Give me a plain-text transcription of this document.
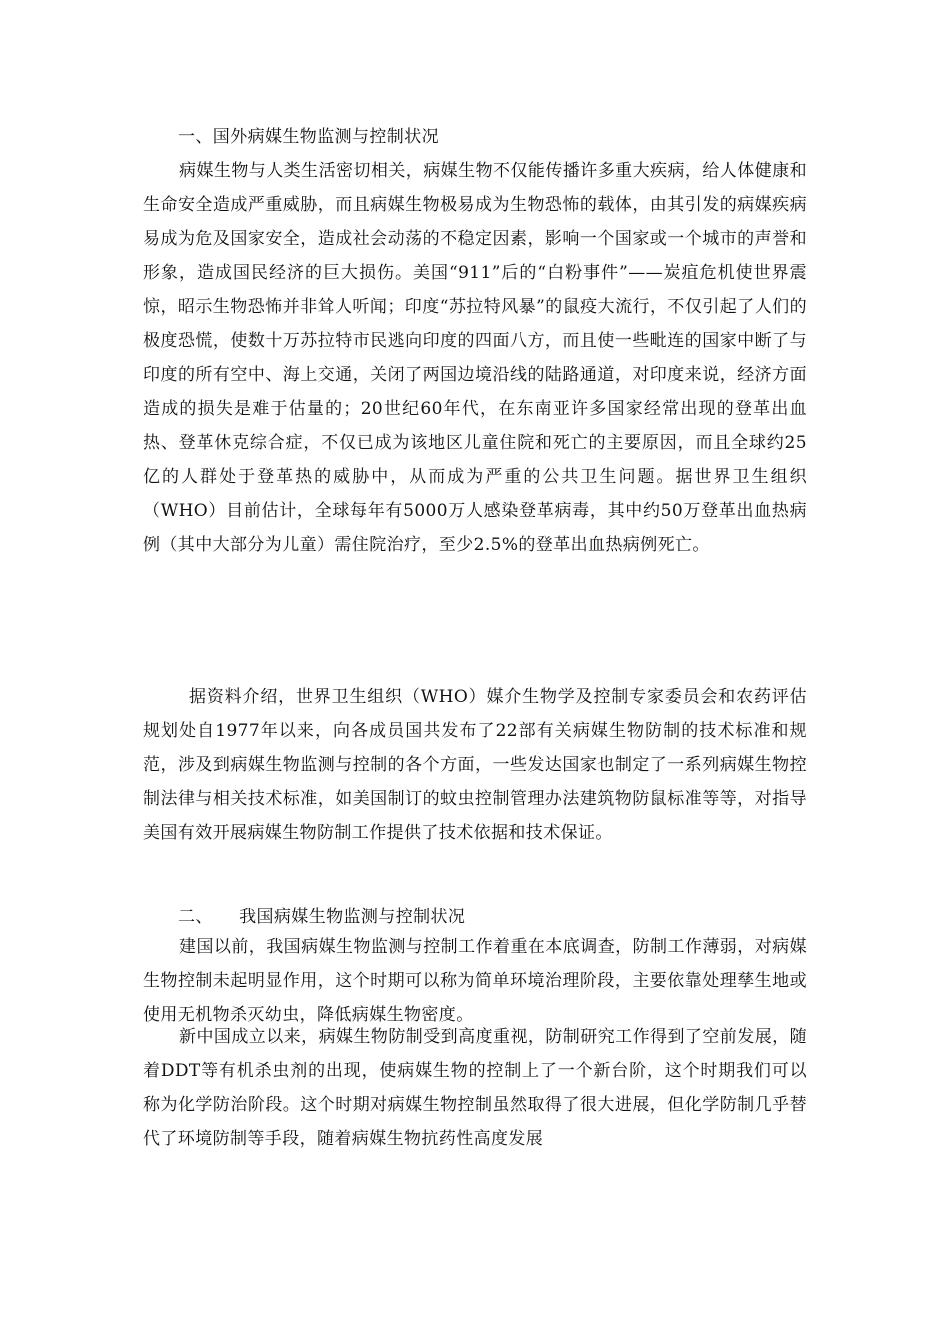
一、国外病媒生物监测与控制状况

病媒生物与人类生活密切相关，病媒生物不仅能传播许多重大疾病，给人体健康和生命安全造成严重威胁，而且病媒生物极易成为生物恐怖的载体，由其引发的病媒疾病易成为危及国家安全，造成社会动荡的不稳定因素，影响一个国家或一个城市的声誉和形象，造成国民经济的巨大损伤。美国“911”后的“白粉事件”——炭疽危机使世界震惊，昭示生物恐怖并非耸人听闻；印度“苏拉特风暴”的鼠疫大流行，不仅引起了人们的极度恐慌，使数十万苏拉特市民逃向印度的四面八方，而且使一些毗连的国家中断了与印度的所有空中、海上交通，关闭了两国边境沿线的陆路通道，对印度来说，经济方面造成的损失是难于估量的；20世纪60年代，在东南亚许多国家经常出现的登革出血热、登革休克综合症，不仅已成为该地区儿童住院和死亡的主要原因，而且全球约25亿的人群处于登革热的威胁中，从而成为严重的公共卫生问题。据世界卫生组织（WHO）目前估计，全球每年有5000万人感染登革病毒，其中约50万登革出血热病例（其中大部分为儿童）需住院治疗，至少2.5%的登革出血热病例死亡。

据资料介绍，世界卫生组织（WHO）媒介生物学及控制专家委员会和农药评估规划处自1977年以来，向各成员国共发布了22部有关病媒生物防制的技术标准和规范，涉及到病媒生物监测与控制的各个方面，一些发达国家也制定了一系列病媒生物控制法律与相关技术标准，如美国制订的蚊虫控制管理办法建筑物防鼠标准等等，对指导美国有效开展病媒生物防制工作提供了技术依据和技术保证。

二、　　我国病媒生物监测与控制状况

建国以前，我国病媒生物监测与控制工作着重在本底调查，防制工作薄弱，对病媒生物控制未起明显作用，这个时期可以称为简单环境治理阶段，主要依靠处理孳生地或使用无机物杀灭幼虫，降低病媒生物密度。

新中国成立以来，病媒生物防制受到高度重视，防制研究工作得到了空前发展，随着DDT等有机杀虫剂的出现，使病媒生物的控制上了一个新台阶，这个时期我们可以称为化学防治阶段。这个时期对病媒生物控制虽然取得了很大进展，但化学防制几乎替代了环境防制等手段，随着病媒生物抗药性高度发展
